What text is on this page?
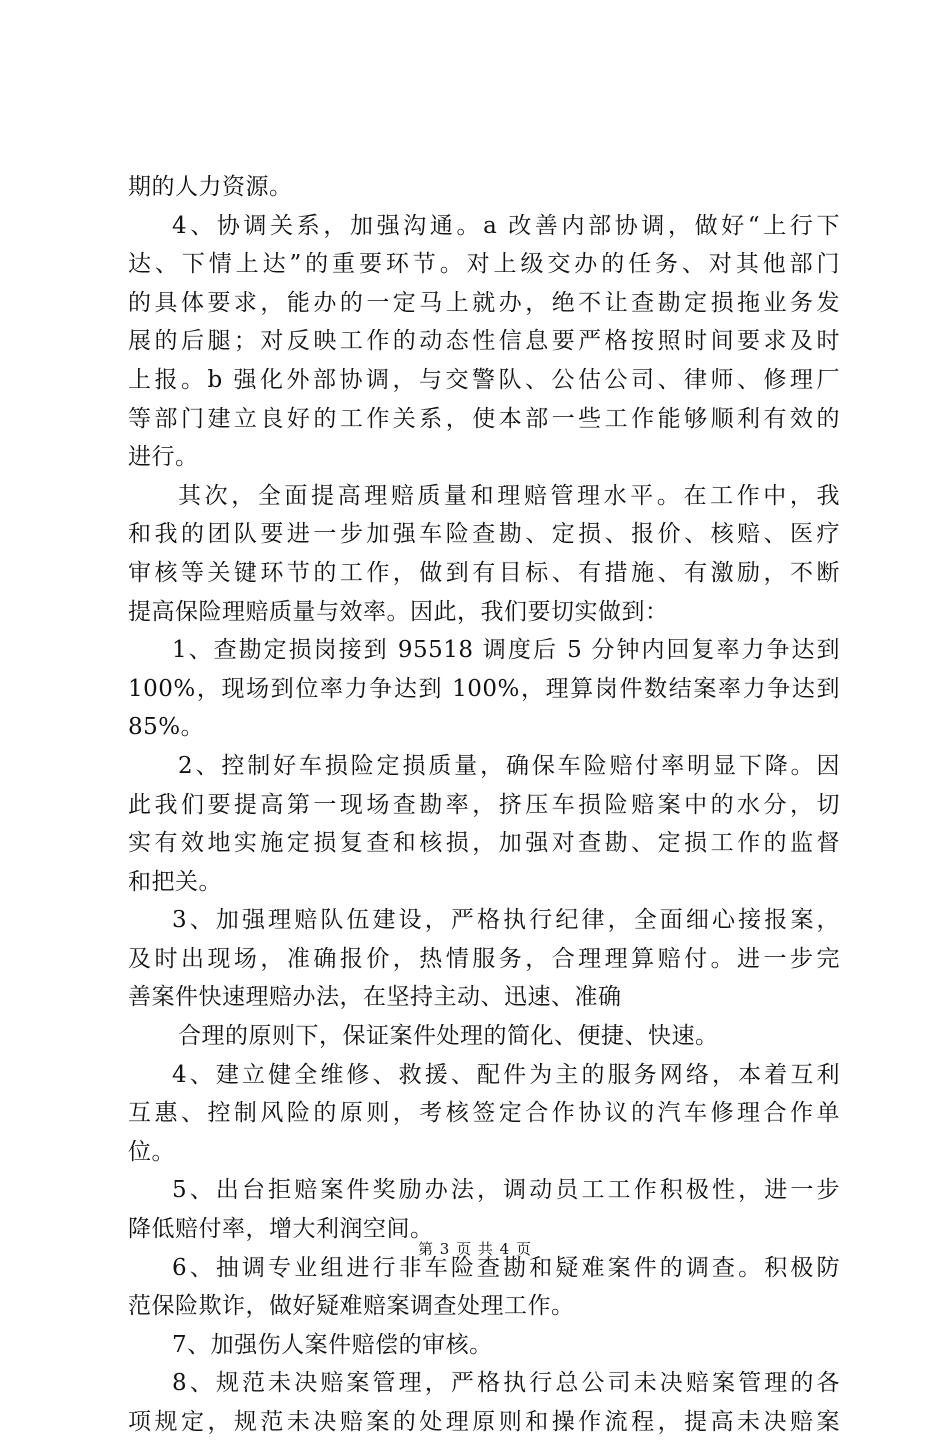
期的人力资源。
4、协调关系，加强沟通。a 改善内部协调，做好“上行下
达、下情上达”的重要环节。对上级交办的任务、对其他部门
的具体要求，能办的一定马上就办，绝不让查勘定损拖业务发
展的后腿；对反映工作的动态性信息要严格按照时间要求及时
上报。b 强化外部协调，与交警队、公估公司、律师、修理厂
等部门建立良好的工作关系，使本部一些工作能够顺利有效的
进行。
其次，全面提高理赔质量和理赔管理水平。在工作中，我
和我的团队要进一步加强车险查勘、定损、报价、核赔、医疗
审核等关键环节的工作，做到有目标、有措施、有激励，不断
提高保险理赔质量与效率。因此，我们要切实做到：
1、查勘定损岗接到 95518 调度后 5 分钟内回复率力争达到
100%，现场到位率力争达到 100%，理算岗件数结案率力争达到
85%。
2、控制好车损险定损质量，确保车险赔付率明显下降。因
此我们要提高第一现场查勘率，挤压车损险赔案中的水分，切
实有效地实施定损复查和核损，加强对查勘、定损工作的监督
和把关。
3、加强理赔队伍建设，严格执行纪律，全面细心接报案，
及时出现场，准确报价，热情服务，合理理算赔付。进一步完
善案件快速理赔办法，在坚持主动、迅速、准确
合理的原则下，保证案件处理的简化、便捷、快速。
4、建立健全维修、救援、配件为主的服务网络，本着互利
互惠、控制风险的原则，考核签定合作协议的汽车修理合作单
位。
5、出台拒赔案件奖励办法，调动员工工作积极性，进一步
降低赔付率，增大利润空间。
6、抽调专业组进行非车险查勘和疑难案件的调查。积极防
范保险欺诈，做好疑难赔案调查处理工作。
7、加强伤人案件赔偿的审核。
8、规范未决赔案管理，严格执行总公司未决赔案管理的各
项规定，规范未决赔案的处理原则和操作流程，提高未决赔案
第 3 页 共 4 页
